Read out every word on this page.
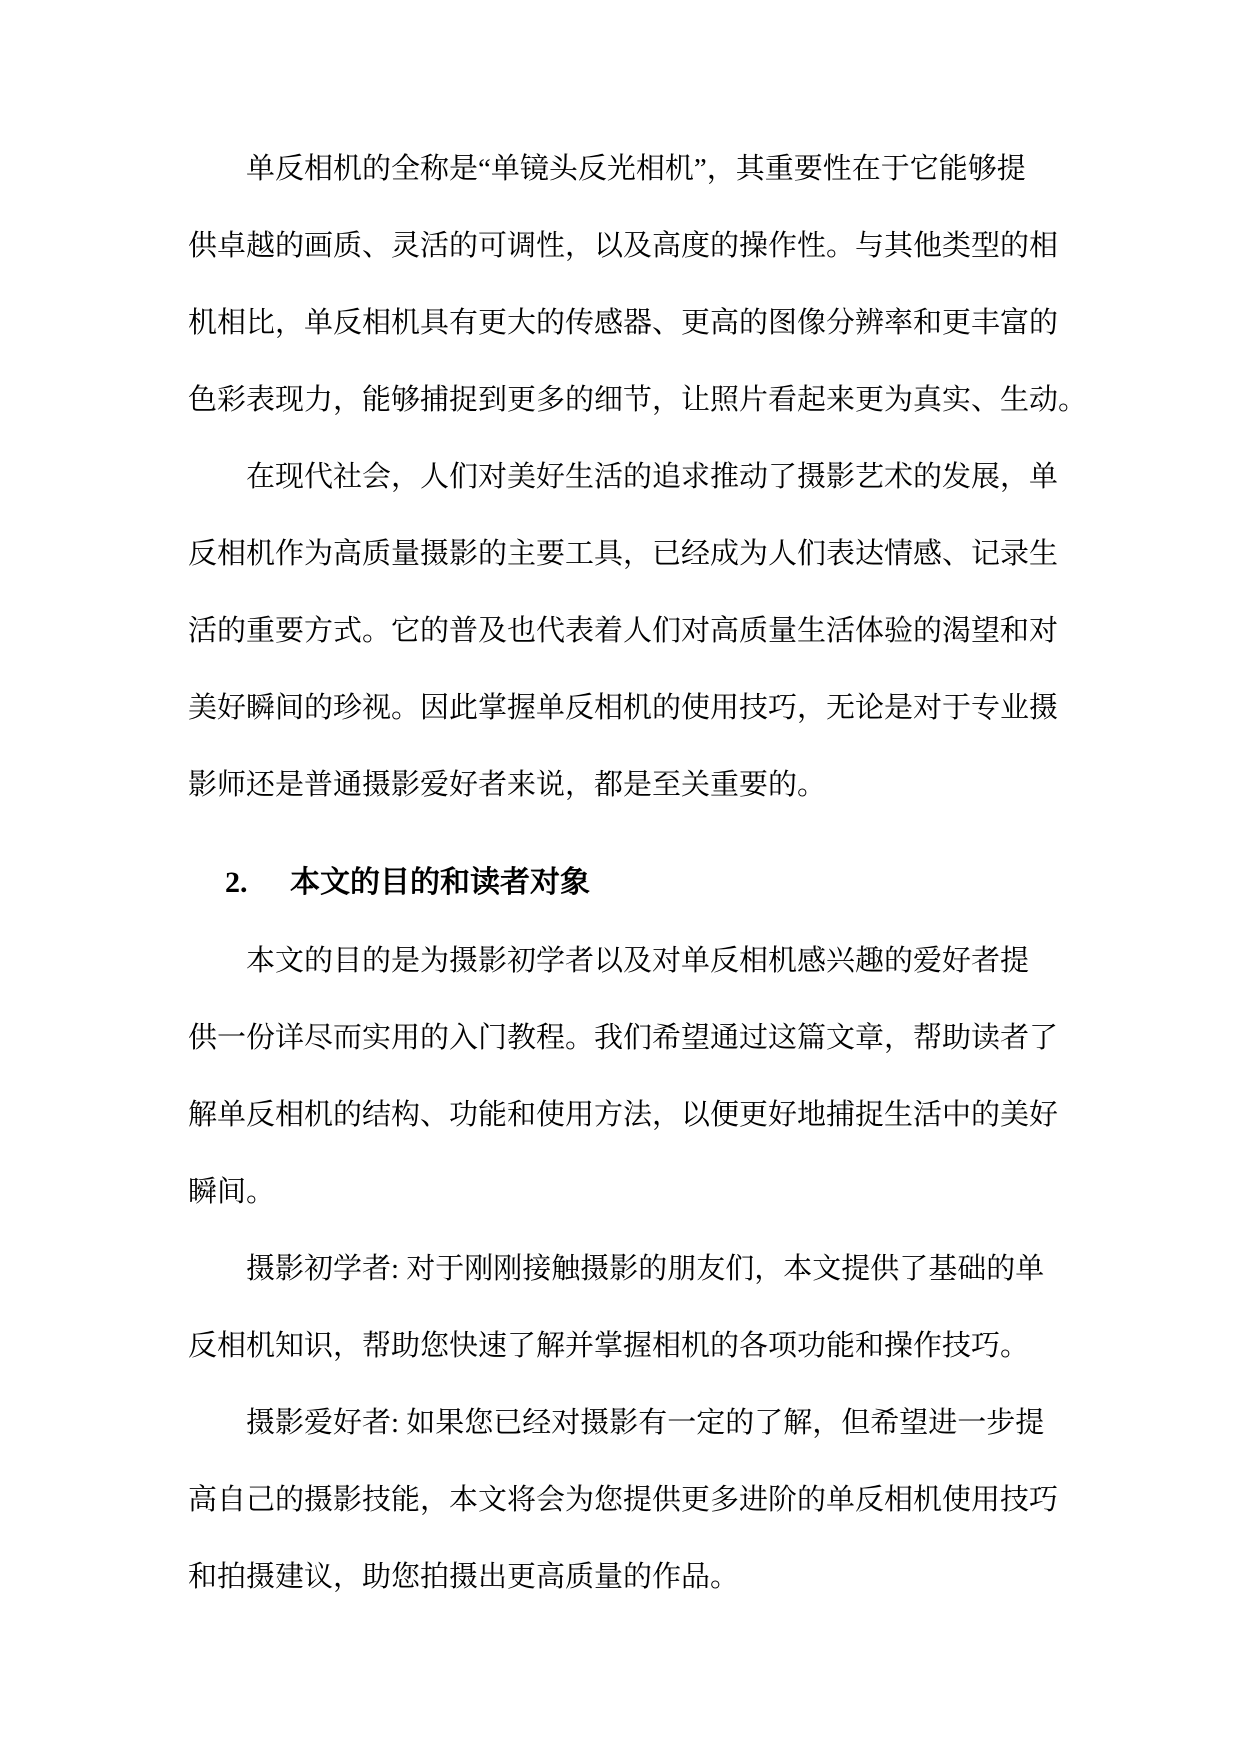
单反相机的全称是“单镜头反光相机”，其重要性在于它能够提
供卓越的画质、灵活的可调性，以及高度的操作性。与其他类型的相
机相比，单反相机具有更大的传感器、更高的图像分辨率和更丰富的
色彩表现力，能够捕捉到更多的细节，让照片看起来更为真实、生动。
在现代社会，人们对美好生活的追求推动了摄影艺术的发展，单
反相机作为高质量摄影的主要工具，已经成为人们表达情感、记录生
活的重要方式。它的普及也代表着人们对高质量生活体验的渴望和对
美好瞬间的珍视。因此掌握单反相机的使用技巧，无论是对于专业摄
影师还是普通摄影爱好者来说，都是至关重要的。
2. 本文的目的和读者对象
本文的目的是为摄影初学者以及对单反相机感兴趣的爱好者提
供一份详尽而实用的入门教程。我们希望通过这篇文章，帮助读者了
解单反相机的结构、功能和使用方法，以便更好地捕捉生活中的美好
瞬间。
摄影初学者: 对于刚刚接触摄影的朋友们，本文提供了基础的单
反相机知识，帮助您快速了解并掌握相机的各项功能和操作技巧。
摄影爱好者: 如果您已经对摄影有一定的了解，但希望进一步提
高自己的摄影技能，本文将会为您提供更多进阶的单反相机使用技巧
和拍摄建议，助您拍摄出更高质量的作品。
